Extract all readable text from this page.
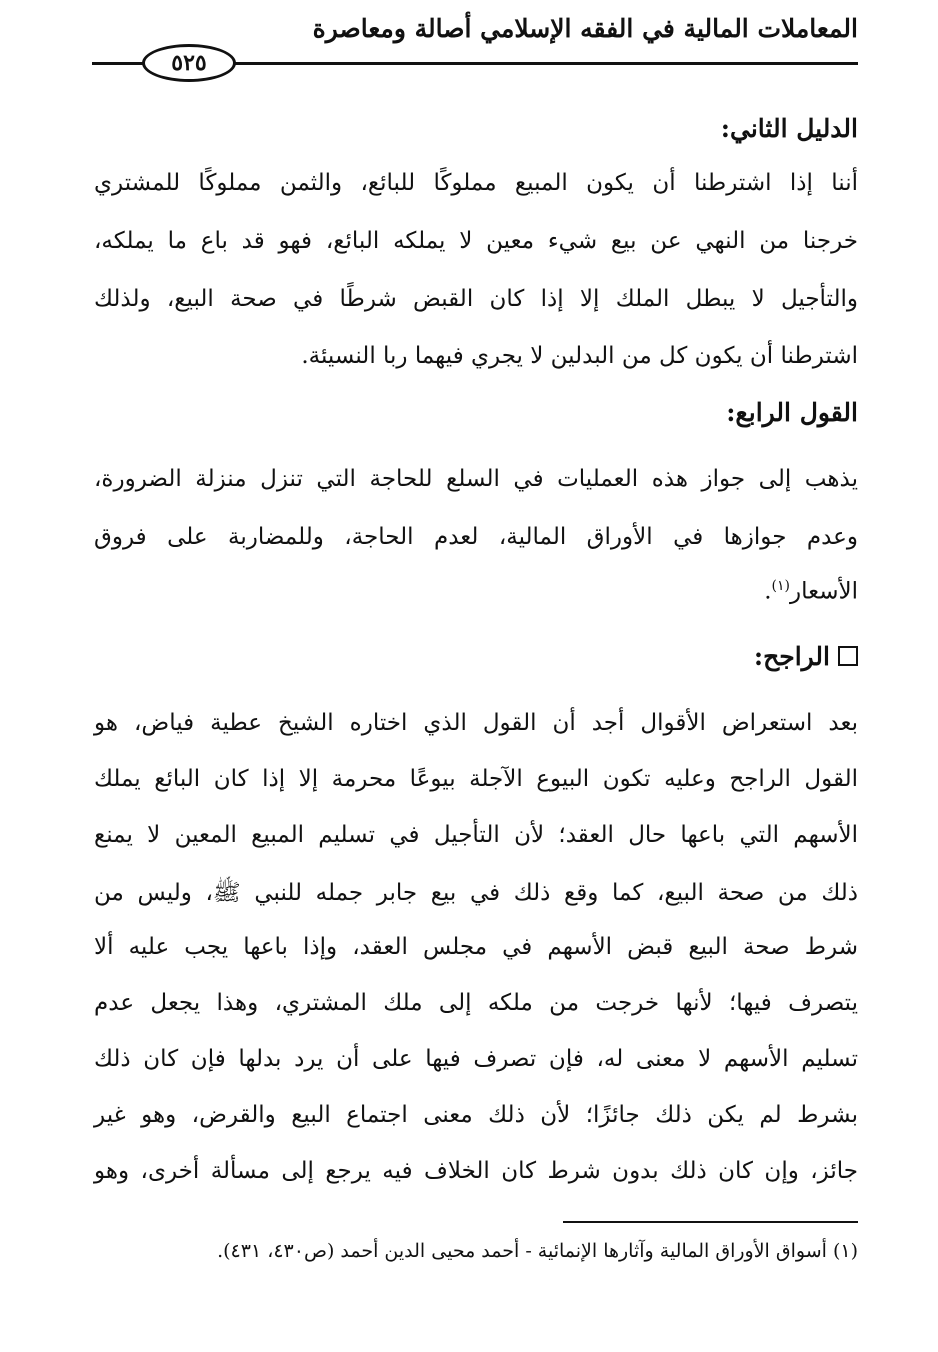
المعاملات المالية في الفقه الإسلامي أصالة ومعاصرة
٥٢٥
الدليل الثاني:
أننا إذا اشترطنا أن يكون المبيع مملوكًا للبائع، والثمن مملوكًا للمشتري
خرجنا من النهي عن بيع شيء معين لا يملكه البائع، فهو قد باع ما يملكه،
والتأجيل لا يبطل الملك إلا إذا كان القبض شرطًا في صحة البيع، ولذلك
اشترطنا أن يكون كل من البدلين لا يجري فيهما ربا النسيئة.
القول الرابع:
يذهب إلى جواز هذه العمليات في السلع للحاجة التي تنزل منزلة الضرورة،
وعدم جوازها في الأوراق المالية، لعدم الحاجة، وللمضاربة على فروق
الأسعار$^{(١)}$.
الراجح:
بعد استعراض الأقوال أجد أن القول الذي اختاره الشيخ عطية فياض، هو
القول الراجح وعليه تكون البيوع الآجلة بيوعًا محرمة إلا إذا كان البائع يملك
الأسهم التي باعها حال العقد؛ لأن التأجيل في تسليم المبيع المعين لا يمنع
ذلك من صحة البيع، كما وقع ذلك في بيع جابر جمله للنبي ﷺ، وليس من
شرط صحة البيع قبض الأسهم في مجلس العقد، وإذا باعها يجب عليه ألا
يتصرف فيها؛ لأنها خرجت من ملكه إلى ملك المشتري، وهذا يجعل عدم
تسليم الأسهم لا معنى له، فإن تصرف فيها على أن يرد بدلها فإن كان ذلك
بشرط لم يكن ذلك جائزًا؛ لأن ذلك معنى اجتماع البيع والقرض، وهو غير
جائز، وإن كان ذلك بدون شرط كان الخلاف فيه يرجع إلى مسألة أخرى، وهو
(١) أسواق الأوراق المالية وآثارها الإنمائية - أحمد محيى الدين أحمد (ص٤٣٠، ٤٣١).
